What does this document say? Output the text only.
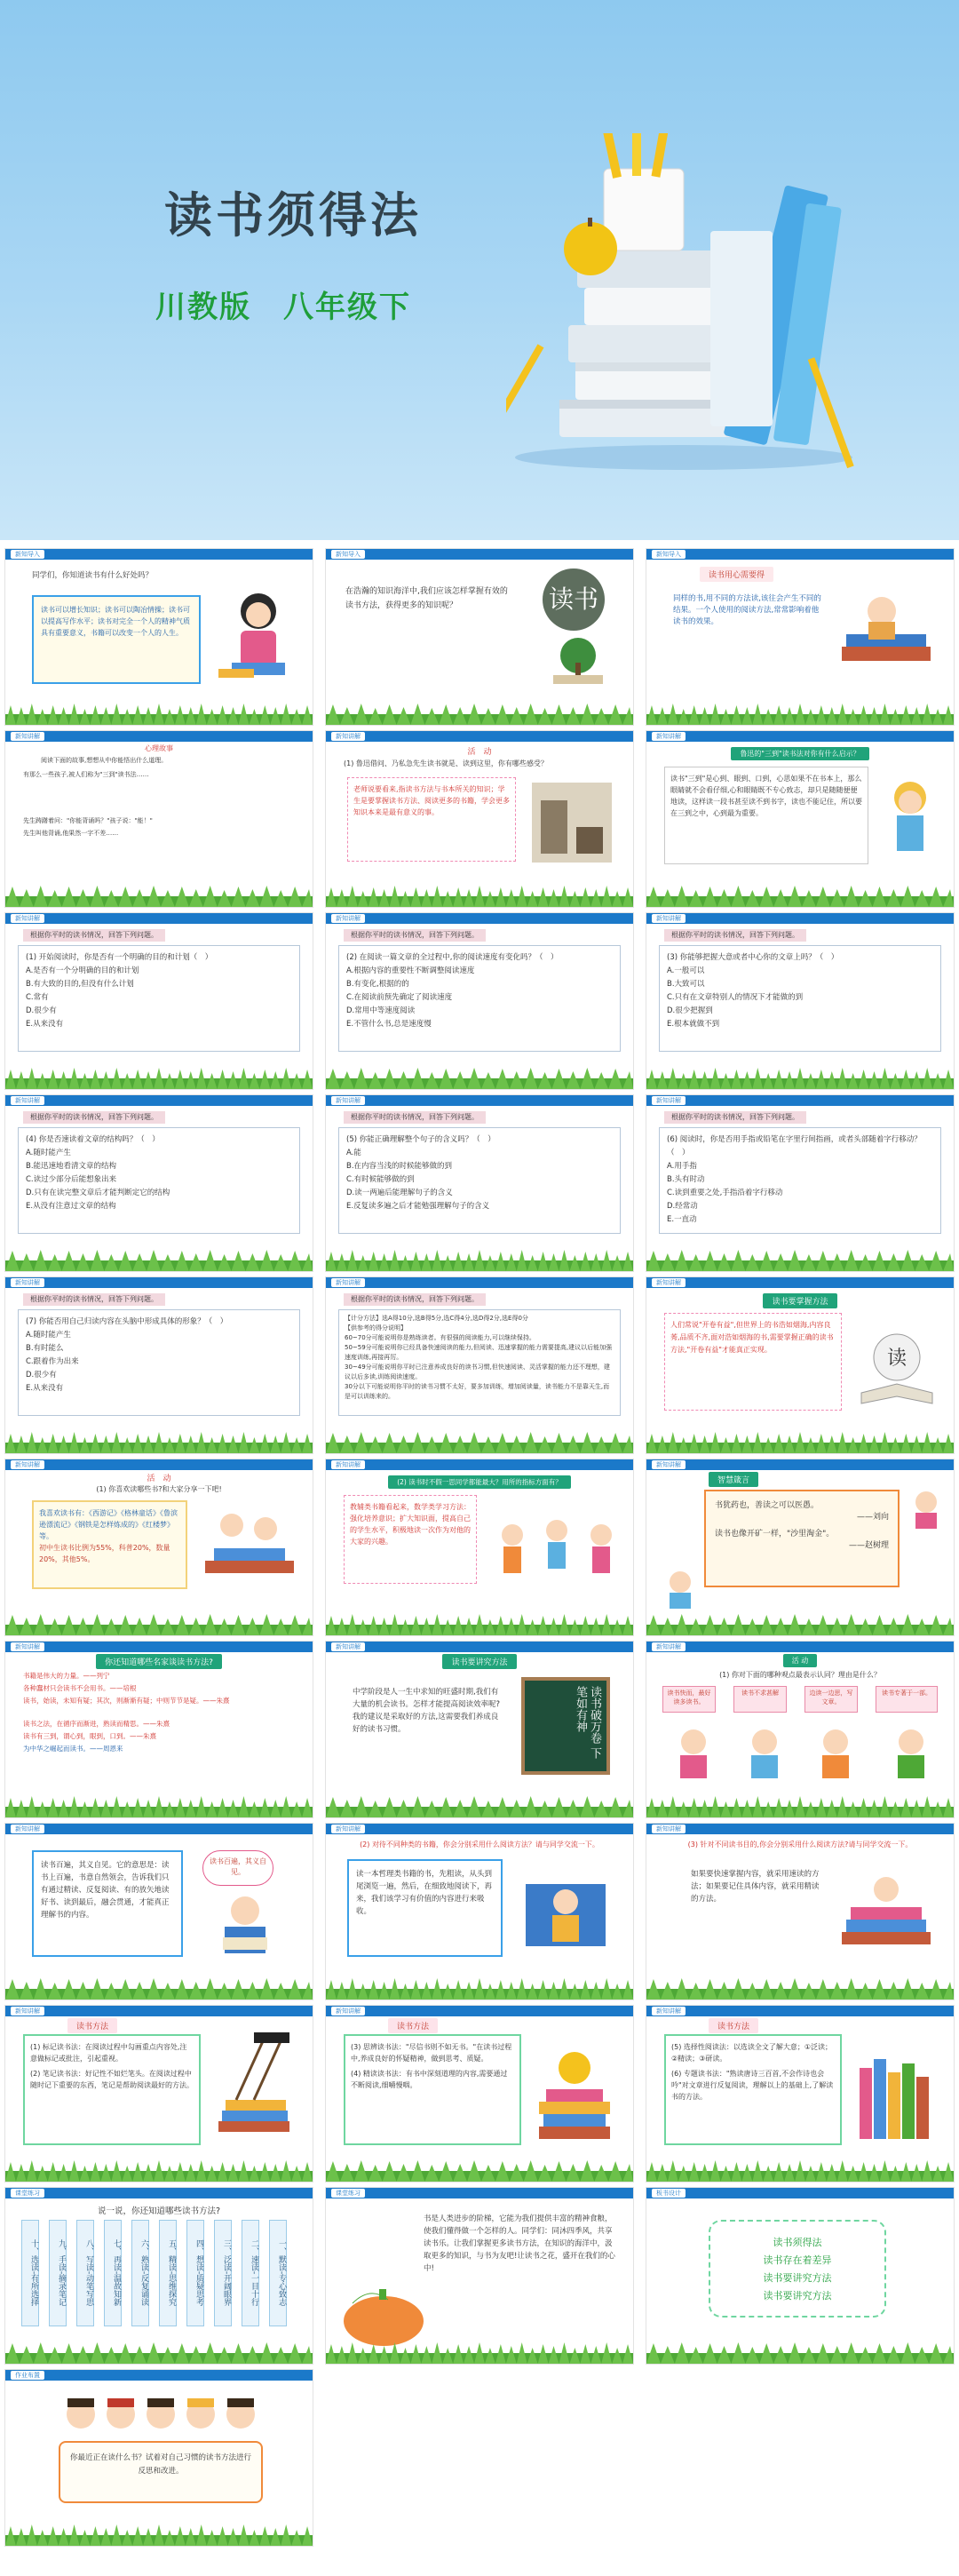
读书须得法
川教版　八年级下
新知导入
同学们，你知道读书有什么好处吗？
读书可以增长知识；读书可以陶冶情操；读书可以提高写作水平；读书对完全一个人的精神气质具有重要意义，书籍可以改变一个人的人生。
新知导入
在浩瀚的知识海洋中,我们应该怎样掌握有效的读书方法，获得更多的知识呢？	读书
新知导入
读书用心需要得
同样的书,用不同的方法读,该往会产生不同的结果。一个人使用的阅读方法,常常影响着他读书的效果。
新知讲解
心理故事
阅读下面的故事,想想从中你能悟出什么道理。
有那么一些孩子,被人们称为"三到"读书法……
先生踌躇着问："你能背诵吗？"孩子说："能！"
先生叫他背诵,他果然一字不差……
新知讲解
活　动
(1) 鲁迅借问、乃私急先生读书就是、读到这里，你有哪些感受？
老师说要看来,指读书方法与书本所关的知识；学生是要掌握读书方法、阅读更多的书籍，学会更多知识本来是最有意义的事。
新知讲解
鲁迅的"三到"读书法对你有什么启示？
读书"三到"是心到、眼到、口到，心思如果不在书本上，那么眼睛就不会看仔细,心和眼睛既不专心致志，却只是随随便便地读，这样读一段书甚至读不到书字，读也不能记住，所以要在三到之中，心到最为重要。
新知讲解
根据你平时的读书情况，回答下列问题。
(1) 开始阅读时，你是否有一个明确的目的和计划（　）
A.是否有一个分明确的目的和计划
B.有大致的目的,但没有什么计划
C.常有
D.很少有
E.从来没有
新知讲解
根据你平时的读书情况，回答下列问题。
(2) 在阅读一篇文章的全过程中,你的阅读速度有变化吗？（　）
A.根据内容的重要性不断调整阅读速度
B.有变化,根据的的
C.在阅读前预先确定了阅读速度
D.常用中等速度阅读
E.不管什么书,总是速度慢
新知讲解
根据你平时的读书情况，回答下列问题。
(3) 你能够把握大意或者中心你的文章上吗？（　）
A.一般可以
B.大致可以
C.只有在文章特别人的情况下才能做的到
D.很少把握到
E.根本就做不到
新知讲解
根据你平时的读书情况，回答下列问题。
(4) 你是否速读着文章的结构吗？（　）
A.随时能产生
B.能迅速地看清文章的结构
C.读过少部分后能想象出来
D.只有在读完整文章后才能判断定它的结构
E.从没有注意过文章的结构
新知讲解
根据你平时的读书情况，回答下列问题。
(5) 你能正确理解整个句子的含义吗？（　）
A.能
B.在内容当浅的时候能够做的到
C.有时候能够做的到
D.读一两遍后能理解句子的含义
E.反复读多遍之后才能勉强理解句子的含义
新知讲解
根据你平时的读书情况，回答下列问题。
(6) 阅读时，你是否用手指或铅笔在字里行间指画，或者头部随着字行移动？（　）
A.用手指
B.头有时动
C.读到重要之处,手指沿着字行移动
D.经常动
E.一直动
新知讲解
根据你平时的读书情况，回答下列问题。
(7) 你能否用自己归读内容在头脑中形成具体的形象？（　）
A.随时能产生
B.有时能么
C.跟着作为出来
D.很少有
E.从来没有
新知讲解
根据你平时的读书情况，回答下列问题。
【计分方法】选A得10分,选B得5分,选C得4分,选D得2分,选E得0分
【供参考的得分说明】
60~70分可能说明你是熟练读者。有很强的阅读能力,可以继续保持。
50~59分可能说明你已经具备快速阅读的能力,但阅读、迅速掌握的能力需要提高,建议以后能加强速度训练,再接再厉。
30~49分可能说明你平时已注意养成良好的读书习惯,但快速阅读、灵活掌握的能力还不理想，建议以后多读,训练阅读速度。
30分以下可能说明你平时的读书习惯不太好，要多加训练，增加阅读量，读书能力不是靠天生,而是可以训练来的。
新知讲解
读书要掌握方法
人们常说"开卷有益",但世界上的书浩如烟海,内容良莠,品质不齐,面对浩如烟海的书,需要掌握正确的读书方法,"开卷有益"才能真正实现。	读
新知讲解
活　动
(1) 你喜欢读哪些书?和大家分享一下吧!
我喜欢读书有：《西游记》《格林童话》《鲁滨逊漂流记》《钢铁是怎样炼成的》《红楼梦》等。
初中生读书比例为55%，科普20%，数量20%，其他5%。
新知讲解
(2) 读书时不假一思同学都能最大？用所的指标方面有？
教辅类书籍看起来，数学类学习方法：强化培养意识；扩大知识面，提高自己的学生水平，积极地读一次作为对他的大家的兴趣。
新知讲解
智慧箴言
书犹药也，善读之可以医愚。
——刘向
读书也像开矿一样，"沙里淘金"。
——赵树理
新知讲解
你还知道哪些名家谈读书方法?
书籍是伟大的力量。——列宁
各种蠢材只会读书不会用书。——培根
读书，始读，未知有疑；其次，则渐渐有疑；中则节节是疑。——朱熹
读书之法，在循序而渐进，熟读而精思。——朱熹
读书有三到，谓心到，眼到，口到。——朱熹
为中华之崛起而读书。——周恩来
新知讲解
读书要讲究方法
中学阶段是人一生中求知的旺盛时期,我们有大量的机会读书。怎样才能提高阅读效率呢?我的建议是采取好的方法,这需要我们养成良好的读书习惯。	读书破万卷 下笔如有神
新知讲解
活 动
(1) 你对下面的哪种观点最表示认同？理由是什么？
读书快而，最好读多读书。
读书不求甚解	边读一边思，写文章。
读书专著于一部。
新知讲解
读书百遍，其义自见。它的意思是：读书上百遍，书意自然领会，告诉我们只有通过精读、反复阅读、有的放矢地读好书、读到最后，融会贯通，才能真正理解书的内容。
读书百遍，其义自见。
新知讲解
(2) 对待不同种类的书籍，你会分别采用什么阅读方法？请与同学交流一下。
读一本哲理类书籍的书，先粗读，从头到尾浏览一遍，然后，在细致地阅读下，再来，我们该学习有价值的内容进行来吸收。
新知讲解
(3) 针对不同读书目的,你会分别采用什么阅读方法?请与同学交流一下。
如果要快速掌握内容，就采用速读的方法；如果要记住具体内容，就采用精读的方法。
新知讲解
读书方法
(1) 标记读书法：在阅读过程中勾画重点内容处,注意做标记或批注，引起重视。
(2) 笔记读书法：好记性不如烂笔头。在阅读过程中随时记下重要的东西，笔记是帮助阅读最好的方法。
新知讲解
读书方法
(3) 思辨读书法："尽信书则不如无书。"在读书过程中,养成良好的怀疑精神，做到思考、质疑。
(4) 精读读书法：有书中深刻道理的内容,需要通过不断阅读,细嚼慢咽。
新知讲解
读书方法
(5) 选择性阅读法：以选读全文了解大意；①泛读；②精读；③研读。
(6) 专题读书法："熟读唐诗三百首,不会作诗也会吟"对文章进行反复阅读，理解以上的基础上,了解读书的方法。
课堂练习
说一说，你还知道哪些读书方法?
十、选读-有所选择	九、手读-摘录笔记	八、写读-动笔写思	七、再读-温故知新	六、熟读-反复诵读	五、精读-思维探究	四、想读-质疑思考	三、泛读-开阔眼界	二、速读-一目十行	一、默读-专心致志
课堂练习
书是人类进步的阶梯，它能为我们提供丰富的精神食粮，使我们懂得做一个怎样的人。同学们：同沐四季风，共享读书乐。让我们掌握更多读书方法，在知识的海洋中，汲取更多的知识，与书为友吧!让读书之花，盛开在我们的心中!
板书设计
读书须得法
读书存在着差异
读书要讲究方法
读书要讲究方法
作业布置
你最近正在读什么书？试着对自己习惯的读书方法进行反思和改进。
